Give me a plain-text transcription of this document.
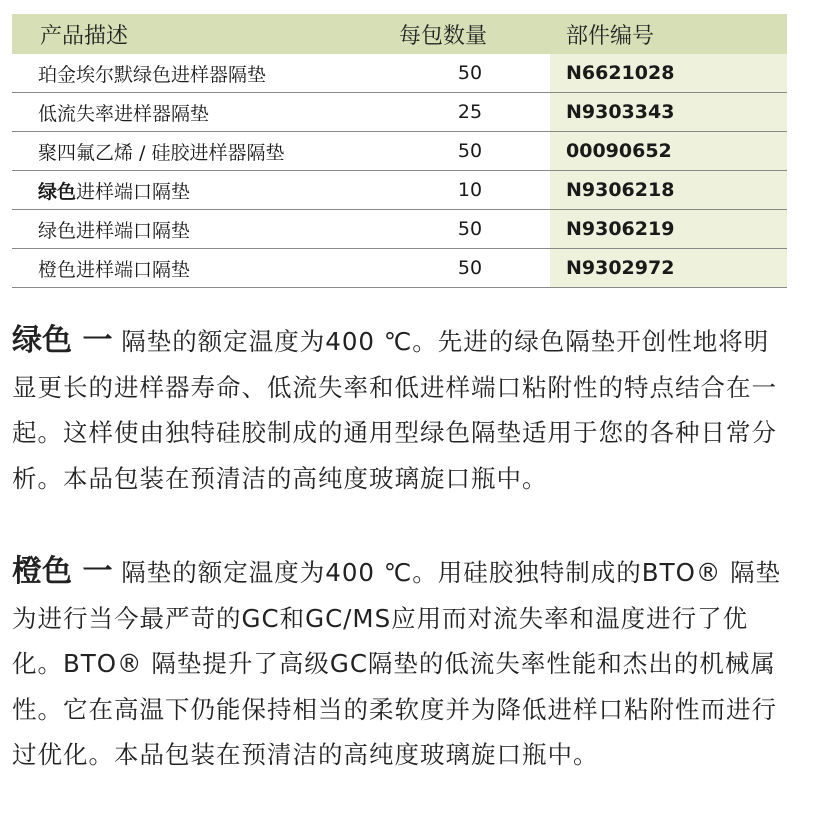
产品描述	每包数量	部件编号
珀金埃尔默绿色进样器隔垫	50	N6621028
低流失率进样器隔垫	25	N9303343
聚四氟乙烯 / 硅胶进样器隔垫	50	00090652
绿色进样端口隔垫	10	N9306218
绿色进样端口隔垫	50	N9306219
橙色进样端口隔垫	50	N9302972
绿色 一 隔垫的额定温度为400 ℃。先进的绿色隔垫开创性地将明显更长的进样器寿命、低流失率和低进样端口粘附性的特点结合在一起。这样使由独特硅胶制成的通用型绿色隔垫适用于您的各种日常分析。本品包装在预清洁的高纯度玻璃旋口瓶中。
橙色 一 隔垫的额定温度为400 ℃。用硅胶独特制成的BTO® 隔垫为进行当今最严苛的GC和GC/MS应用而对流失率和温度进行了优化。BTO® 隔垫提升了高级GC隔垫的低流失率性能和杰出的机械属性。它在高温下仍能保持相当的柔软度并为降低进样口粘附性而进行过优化。本品包装在预清洁的高纯度玻璃旋口瓶中。
